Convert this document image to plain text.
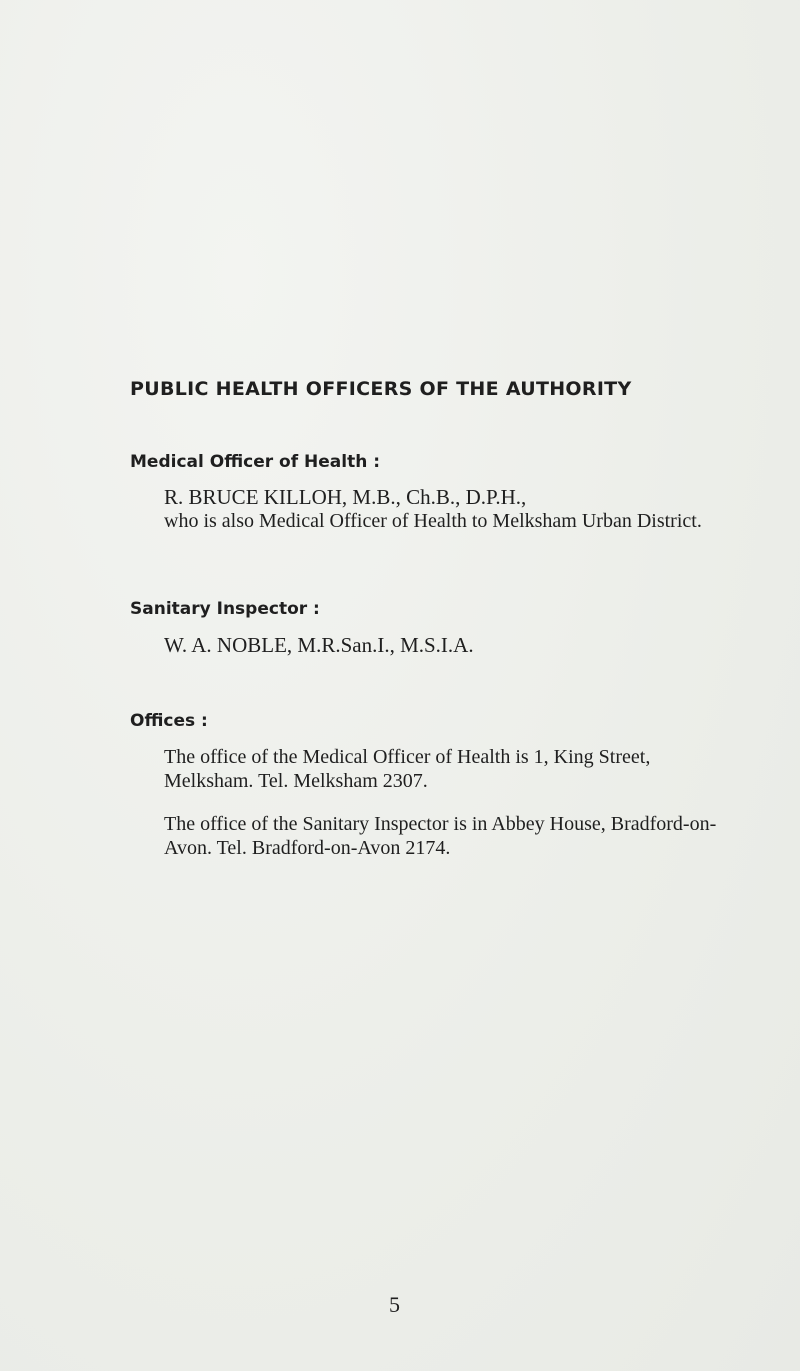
PUBLIC HEALTH OFFICERS OF THE AUTHORITY
Medical Officer of Health :
R. BRUCE KILLOH, M.B., Ch.B., D.P.H.,
who is also Medical Officer of Health to Melksham Urban District.
Sanitary Inspector :
W. A. NOBLE, M.R.San.I., M.S.I.A.
Offices :
The office of the Medical Officer of Health is 1, King Street, Melksham. Tel. Melksham 2307.
The office of the Sanitary Inspector is in Abbey House, Bradford-on-Avon. Tel. Bradford-on-Avon 2174.
5
